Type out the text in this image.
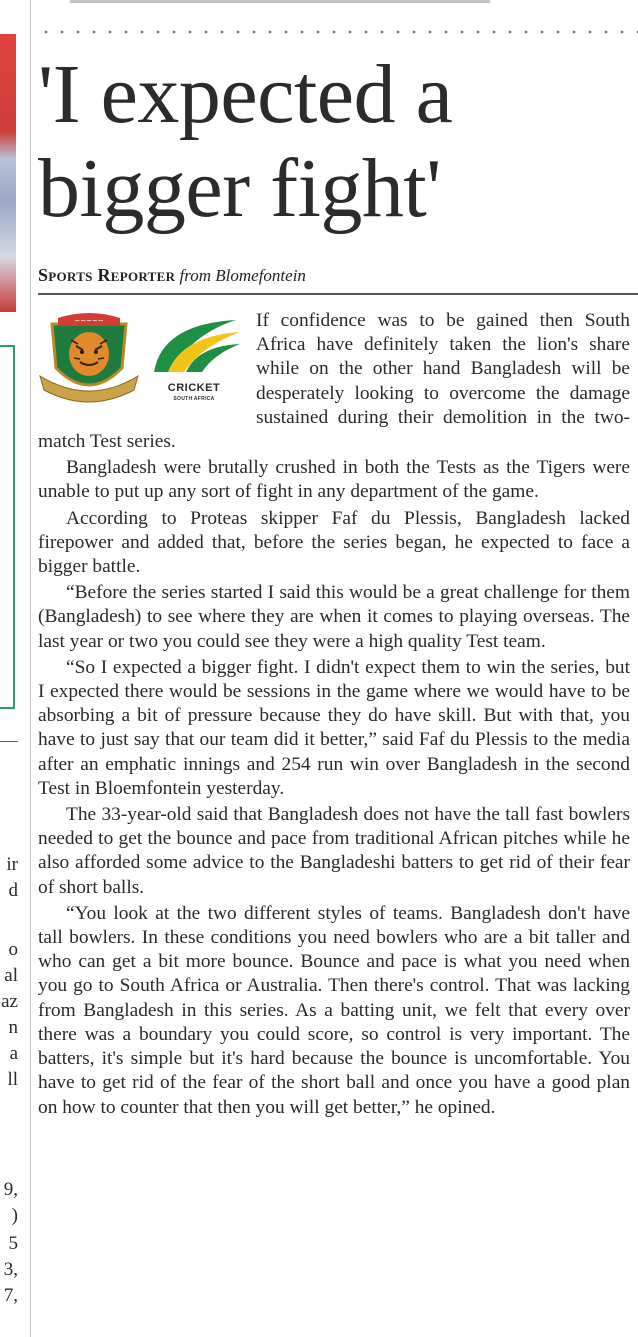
ir
d
o
al
az
n
a
ll
9,
)
5
3,
7,
'I expected a bigger fight'
Sports Reporter from Blomefontein
~~~~~
CRICKET
SOUTH AFRICA

If confidence was to be gained then South Africa have definitely taken the lion's share while on the other hand Bangladesh will be desperately looking to overcome the damage sustained during their demolition in the two-match Test series.

Bangladesh were brutally crushed in both the Tests as the Tigers were unable to put up any sort of fight in any department of the game.

According to Proteas skipper Faf du Plessis, Bangladesh lacked firepower and added that, before the series began, he expected to face a bigger battle.

“Before the series started I said this would be a great challenge for them (Bangladesh) to see where they are when it comes to playing overseas. The last year or two you could see they were a high quality Test team.

“So I expected a bigger fight. I didn't expect them to win the series, but I expected there would be sessions in the game where we would have to be absorbing a bit of pressure because they do have skill. But with that, you have to just say that our team did it better,” said Faf du Plessis to the media after an emphatic innings and 254 run win over Bangladesh in the second Test in Bloemfontein yesterday.

The 33-year-old said that Bangladesh does not have the tall fast bowlers needed to get the bounce and pace from traditional African pitches while he also afforded some advice to the Bangladeshi batters to get rid of their fear of short balls.

“You look at the two different styles of teams. Bangladesh don't have tall bowlers. In these conditions you need bowlers who are a bit taller and who can get a bit more bounce. Bounce and pace is what you need when you go to South Africa or Australia. Then there's control. That was lacking from Bangladesh in this series. As a batting unit, we felt that every over there was a boundary you could score, so control is very important. The batters, it's simple but it's hard because the bounce is uncomfortable. You have to get rid of the fear of the short ball and once you have a good plan on how to counter that then you will get better,” he opined.
